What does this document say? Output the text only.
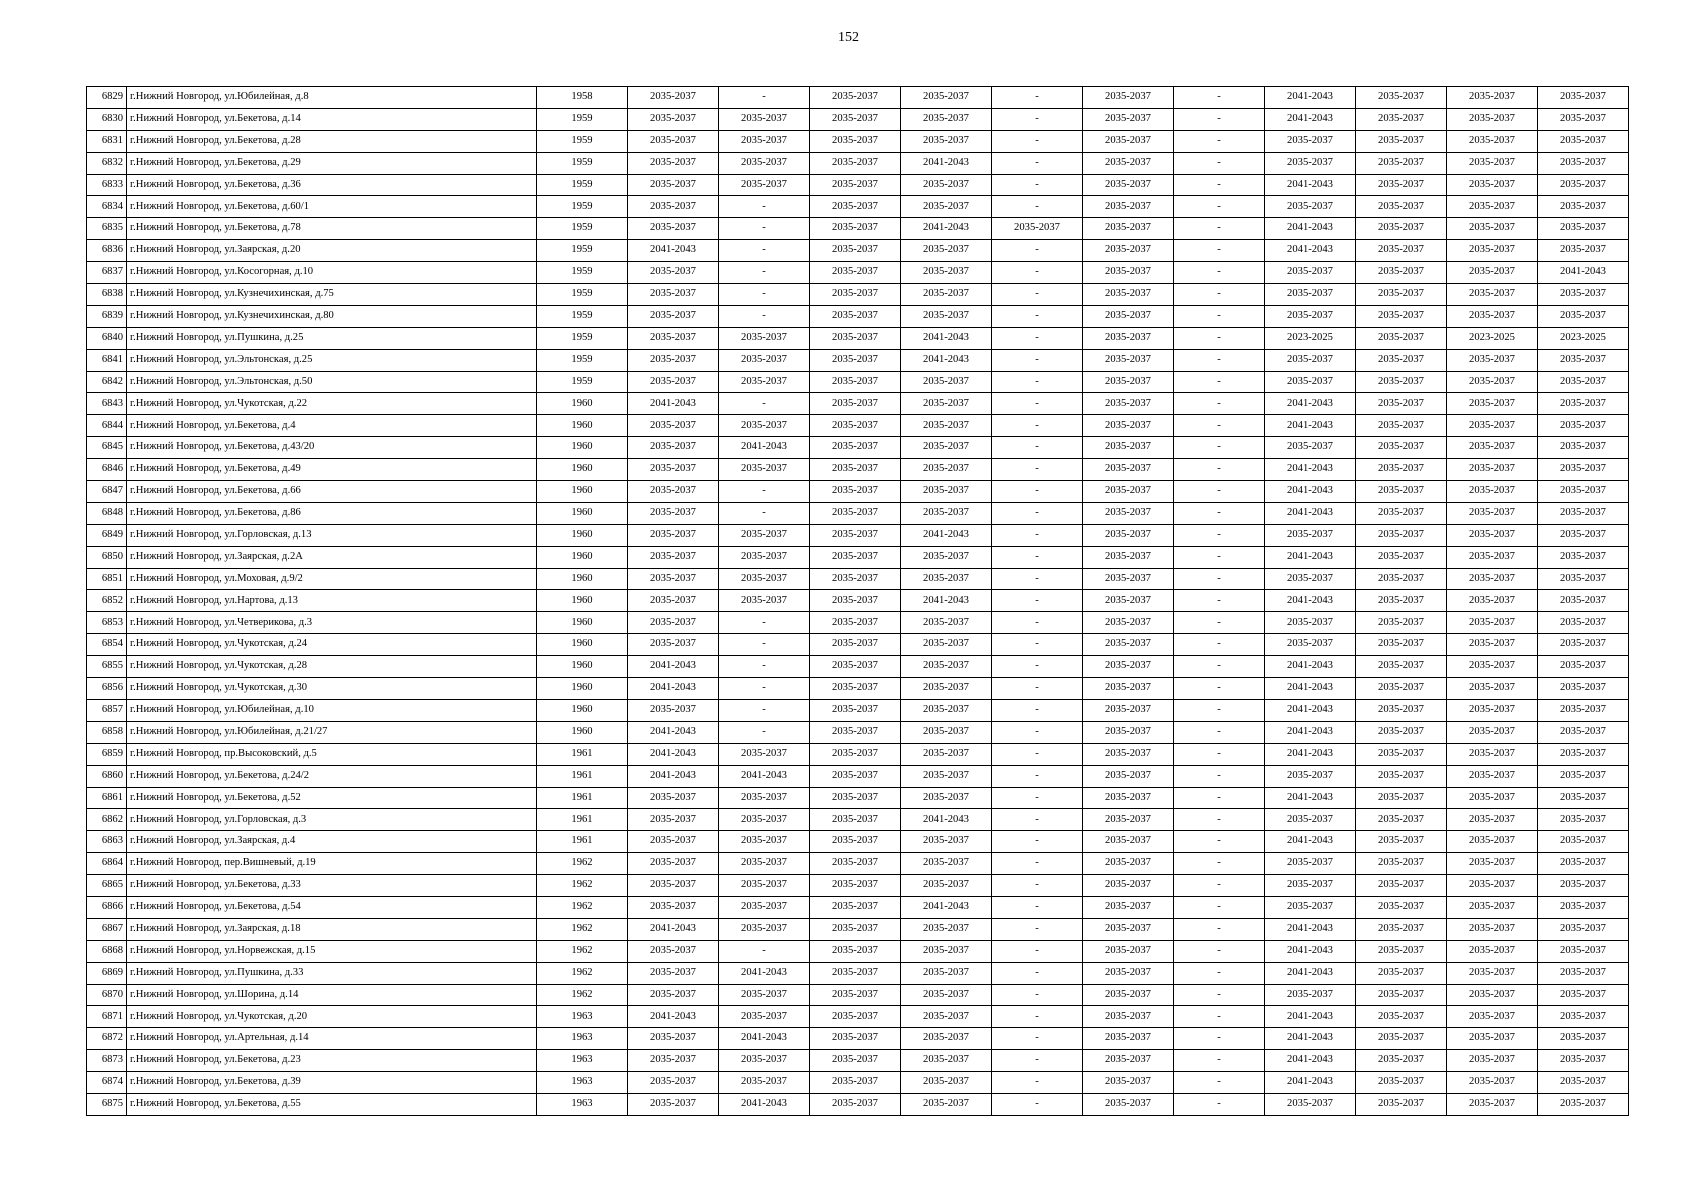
152
6829	г.Нижний Новгород, ул.Юбилейная, д.8	1958	2035-2037	-	2035-2037	2035-2037	-	2035-2037	-	2041-2043	2035-2037	2035-2037	2035-2037
6830	г.Нижний Новгород, ул.Бекетова, д.14	1959	2035-2037	2035-2037	2035-2037	2035-2037	-	2035-2037	-	2041-2043	2035-2037	2035-2037	2035-2037
6831	г.Нижний Новгород, ул.Бекетова, д.28	1959	2035-2037	2035-2037	2035-2037	2035-2037	-	2035-2037	-	2035-2037	2035-2037	2035-2037	2035-2037
6832	г.Нижний Новгород, ул.Бекетова, д.29	1959	2035-2037	2035-2037	2035-2037	2041-2043	-	2035-2037	-	2035-2037	2035-2037	2035-2037	2035-2037
6833	г.Нижний Новгород, ул.Бекетова, д.36	1959	2035-2037	2035-2037	2035-2037	2035-2037	-	2035-2037	-	2041-2043	2035-2037	2035-2037	2035-2037
6834	г.Нижний Новгород, ул.Бекетова, д.60/1	1959	2035-2037	-	2035-2037	2035-2037	-	2035-2037	-	2035-2037	2035-2037	2035-2037	2035-2037
6835	г.Нижний Новгород, ул.Бекетова, д.78	1959	2035-2037	-	2035-2037	2041-2043	2035-2037	2035-2037	-	2041-2043	2035-2037	2035-2037	2035-2037
6836	г.Нижний Новгород, ул.Заярская, д.20	1959	2041-2043	-	2035-2037	2035-2037	-	2035-2037	-	2041-2043	2035-2037	2035-2037	2035-2037
6837	г.Нижний Новгород, ул.Косогорная, д.10	1959	2035-2037	-	2035-2037	2035-2037	-	2035-2037	-	2035-2037	2035-2037	2035-2037	2041-2043
6838	г.Нижний Новгород, ул.Кузнечихинская, д.75	1959	2035-2037	-	2035-2037	2035-2037	-	2035-2037	-	2035-2037	2035-2037	2035-2037	2035-2037
6839	г.Нижний Новгород, ул.Кузнечихинская, д.80	1959	2035-2037	-	2035-2037	2035-2037	-	2035-2037	-	2035-2037	2035-2037	2035-2037	2035-2037
6840	г.Нижний Новгород, ул.Пушкина, д.25	1959	2035-2037	2035-2037	2035-2037	2041-2043	-	2035-2037	-	2023-2025	2035-2037	2023-2025	2023-2025
6841	г.Нижний Новгород, ул.Эльтонская, д.25	1959	2035-2037	2035-2037	2035-2037	2041-2043	-	2035-2037	-	2035-2037	2035-2037	2035-2037	2035-2037
6842	г.Нижний Новгород, ул.Эльтонская, д.50	1959	2035-2037	2035-2037	2035-2037	2035-2037	-	2035-2037	-	2035-2037	2035-2037	2035-2037	2035-2037
6843	г.Нижний Новгород, ул.Чукотская, д.22	1960	2041-2043	-	2035-2037	2035-2037	-	2035-2037	-	2041-2043	2035-2037	2035-2037	2035-2037
6844	г.Нижний Новгород, ул.Бекетова, д.4	1960	2035-2037	2035-2037	2035-2037	2035-2037	-	2035-2037	-	2041-2043	2035-2037	2035-2037	2035-2037
6845	г.Нижний Новгород, ул.Бекетова, д.43/20	1960	2035-2037	2041-2043	2035-2037	2035-2037	-	2035-2037	-	2035-2037	2035-2037	2035-2037	2035-2037
6846	г.Нижний Новгород, ул.Бекетова, д.49	1960	2035-2037	2035-2037	2035-2037	2035-2037	-	2035-2037	-	2041-2043	2035-2037	2035-2037	2035-2037
6847	г.Нижний Новгород, ул.Бекетова, д.66	1960	2035-2037	-	2035-2037	2035-2037	-	2035-2037	-	2041-2043	2035-2037	2035-2037	2035-2037
6848	г.Нижний Новгород, ул.Бекетова, д.86	1960	2035-2037	-	2035-2037	2035-2037	-	2035-2037	-	2041-2043	2035-2037	2035-2037	2035-2037
6849	г.Нижний Новгород, ул.Горловская, д.13	1960	2035-2037	2035-2037	2035-2037	2041-2043	-	2035-2037	-	2035-2037	2035-2037	2035-2037	2035-2037
6850	г.Нижний Новгород, ул.Заярская, д.2А	1960	2035-2037	2035-2037	2035-2037	2035-2037	-	2035-2037	-	2041-2043	2035-2037	2035-2037	2035-2037
6851	г.Нижний Новгород, ул.Моховая, д.9/2	1960	2035-2037	2035-2037	2035-2037	2035-2037	-	2035-2037	-	2035-2037	2035-2037	2035-2037	2035-2037
6852	г.Нижний Новгород, ул.Нартова, д.13	1960	2035-2037	2035-2037	2035-2037	2041-2043	-	2035-2037	-	2041-2043	2035-2037	2035-2037	2035-2037
6853	г.Нижний Новгород, ул.Четверикова, д.3	1960	2035-2037	-	2035-2037	2035-2037	-	2035-2037	-	2035-2037	2035-2037	2035-2037	2035-2037
6854	г.Нижний Новгород, ул.Чукотская, д.24	1960	2035-2037	-	2035-2037	2035-2037	-	2035-2037	-	2035-2037	2035-2037	2035-2037	2035-2037
6855	г.Нижний Новгород, ул.Чукотская, д.28	1960	2041-2043	-	2035-2037	2035-2037	-	2035-2037	-	2041-2043	2035-2037	2035-2037	2035-2037
6856	г.Нижний Новгород, ул.Чукотская, д.30	1960	2041-2043	-	2035-2037	2035-2037	-	2035-2037	-	2041-2043	2035-2037	2035-2037	2035-2037
6857	г.Нижний Новгород, ул.Юбилейная, д.10	1960	2035-2037	-	2035-2037	2035-2037	-	2035-2037	-	2041-2043	2035-2037	2035-2037	2035-2037
6858	г.Нижний Новгород, ул.Юбилейная, д.21/27	1960	2041-2043	-	2035-2037	2035-2037	-	2035-2037	-	2041-2043	2035-2037	2035-2037	2035-2037
6859	г.Нижний Новгород, пр.Высоковский, д.5	1961	2041-2043	2035-2037	2035-2037	2035-2037	-	2035-2037	-	2041-2043	2035-2037	2035-2037	2035-2037
6860	г.Нижний Новгород, ул.Бекетова, д.24/2	1961	2041-2043	2041-2043	2035-2037	2035-2037	-	2035-2037	-	2035-2037	2035-2037	2035-2037	2035-2037
6861	г.Нижний Новгород, ул.Бекетова, д.52	1961	2035-2037	2035-2037	2035-2037	2035-2037	-	2035-2037	-	2041-2043	2035-2037	2035-2037	2035-2037
6862	г.Нижний Новгород, ул.Горловская, д.3	1961	2035-2037	2035-2037	2035-2037	2041-2043	-	2035-2037	-	2035-2037	2035-2037	2035-2037	2035-2037
6863	г.Нижний Новгород, ул.Заярская, д.4	1961	2035-2037	2035-2037	2035-2037	2035-2037	-	2035-2037	-	2041-2043	2035-2037	2035-2037	2035-2037
6864	г.Нижний Новгород, пер.Вишневый, д.19	1962	2035-2037	2035-2037	2035-2037	2035-2037	-	2035-2037	-	2035-2037	2035-2037	2035-2037	2035-2037
6865	г.Нижний Новгород, ул.Бекетова, д.33	1962	2035-2037	2035-2037	2035-2037	2035-2037	-	2035-2037	-	2035-2037	2035-2037	2035-2037	2035-2037
6866	г.Нижний Новгород, ул.Бекетова, д.54	1962	2035-2037	2035-2037	2035-2037	2041-2043	-	2035-2037	-	2035-2037	2035-2037	2035-2037	2035-2037
6867	г.Нижний Новгород, ул.Заярская, д.18	1962	2041-2043	2035-2037	2035-2037	2035-2037	-	2035-2037	-	2041-2043	2035-2037	2035-2037	2035-2037
6868	г.Нижний Новгород, ул.Норвежская, д.15	1962	2035-2037	-	2035-2037	2035-2037	-	2035-2037	-	2041-2043	2035-2037	2035-2037	2035-2037
6869	г.Нижний Новгород, ул.Пушкина, д.33	1962	2035-2037	2041-2043	2035-2037	2035-2037	-	2035-2037	-	2041-2043	2035-2037	2035-2037	2035-2037
6870	г.Нижний Новгород, ул.Шорина, д.14	1962	2035-2037	2035-2037	2035-2037	2035-2037	-	2035-2037	-	2035-2037	2035-2037	2035-2037	2035-2037
6871	г.Нижний Новгород, ул.Чукотская, д.20	1963	2041-2043	2035-2037	2035-2037	2035-2037	-	2035-2037	-	2041-2043	2035-2037	2035-2037	2035-2037
6872	г.Нижний Новгород, ул.Артельная, д.14	1963	2035-2037	2041-2043	2035-2037	2035-2037	-	2035-2037	-	2041-2043	2035-2037	2035-2037	2035-2037
6873	г.Нижний Новгород, ул.Бекетова, д.23	1963	2035-2037	2035-2037	2035-2037	2035-2037	-	2035-2037	-	2041-2043	2035-2037	2035-2037	2035-2037
6874	г.Нижний Новгород, ул.Бекетова, д.39	1963	2035-2037	2035-2037	2035-2037	2035-2037	-	2035-2037	-	2041-2043	2035-2037	2035-2037	2035-2037
6875	г.Нижний Новгород, ул.Бекетова, д.55	1963	2035-2037	2041-2043	2035-2037	2035-2037	-	2035-2037	-	2035-2037	2035-2037	2035-2037	2035-2037
